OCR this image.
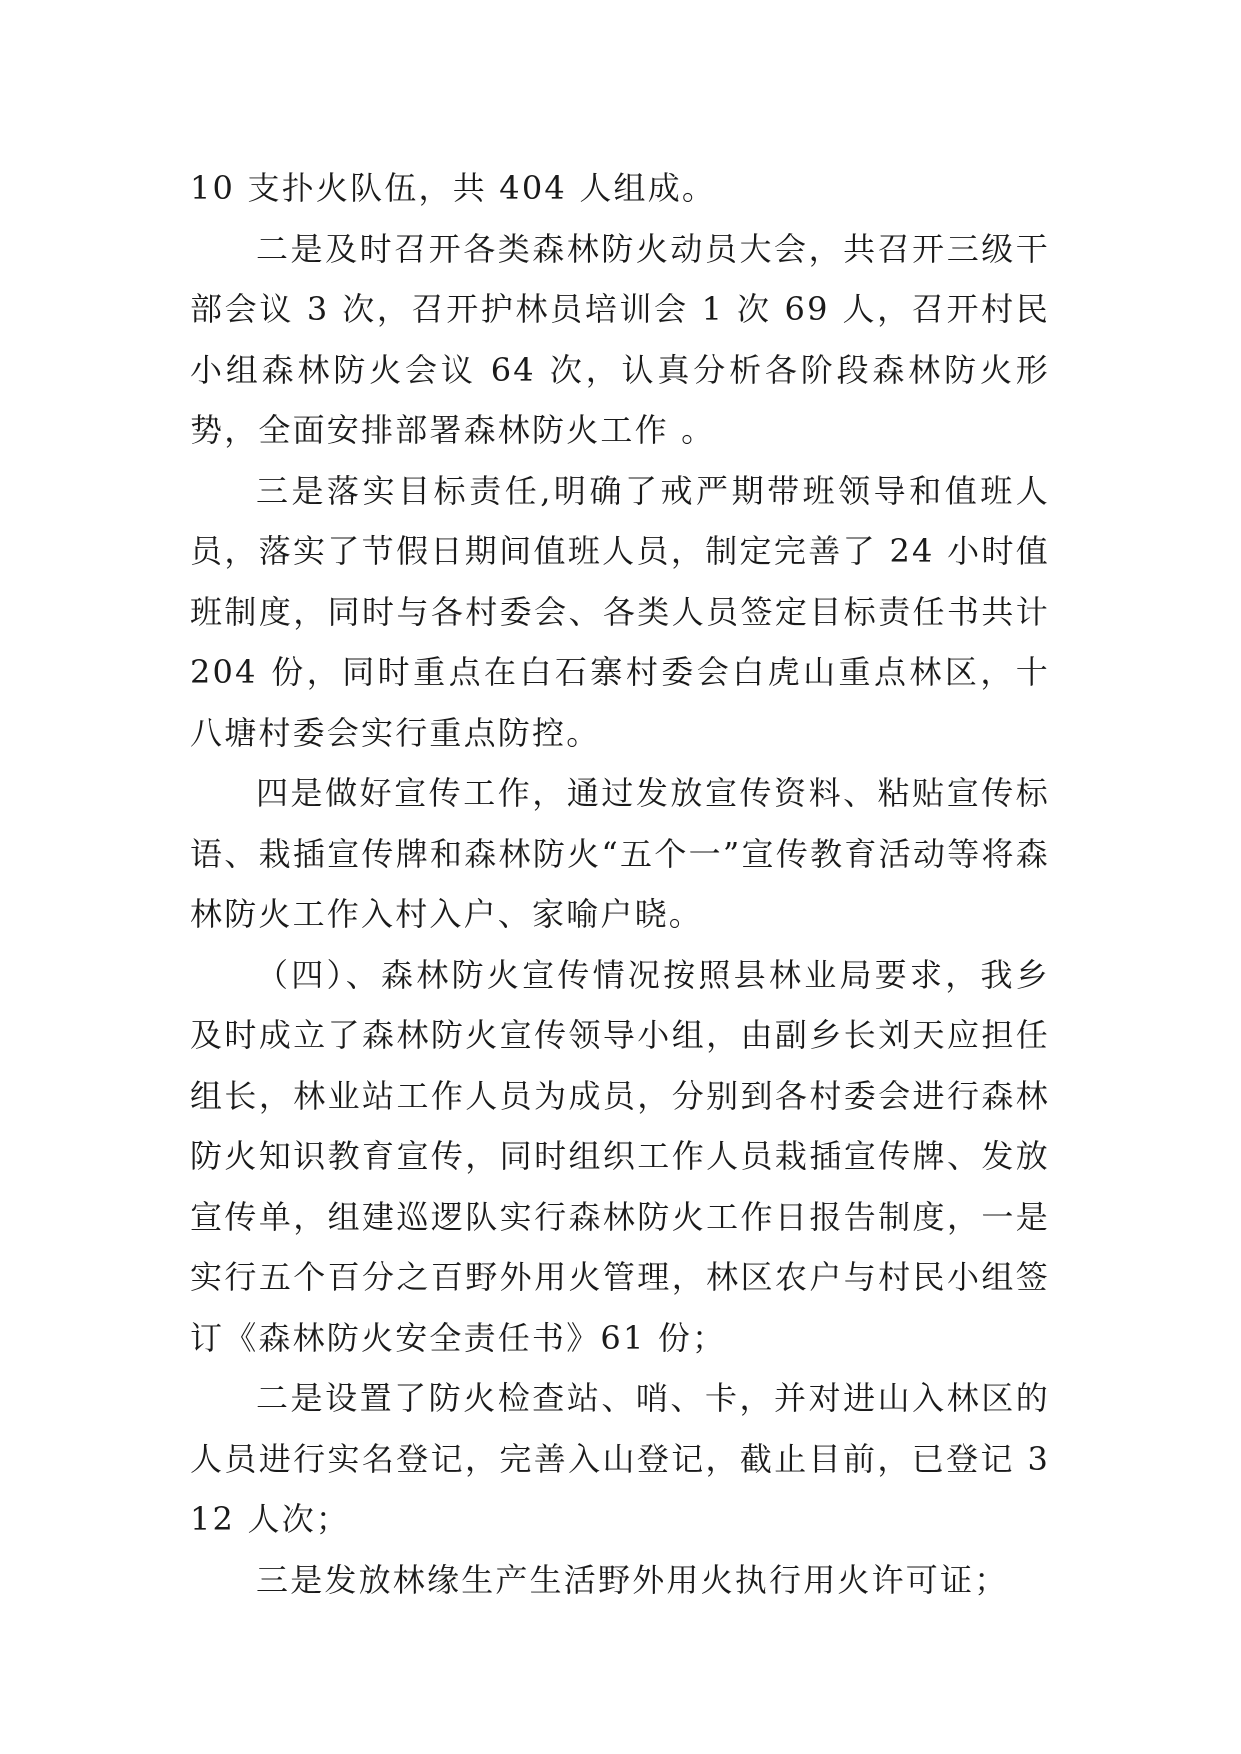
10 支扑火队伍，共 404 人组成。

二是及时召开各类森林防火动员大会，共召开三级干部会议 3 次，召开护林员培训会 1 次 69 人，召开村民小组森林防火会议 64 次，认真分析各阶段森林防火形势，全面安排部署森林防火工作 。

三是落实目标责任,明确了戒严期带班领导和值班人员，落实了节假日期间值班人员，制定完善了 24 小时值班制度，同时与各村委会、各类人员签定目标责任书共计 204 份，同时重点在白石寨村委会白虎山重点林区，十八塘村委会实行重点防控。

四是做好宣传工作，通过发放宣传资料、粘贴宣传标语、栽插宣传牌和森林防火“五个一”宣传教育活动等将森林防火工作入村入户、家喻户晓。

（四）、森林防火宣传情况按照县林业局要求，我乡及时成立了森林防火宣传领导小组，由副乡长刘天应担任组长，林业站工作人员为成员，分别到各村委会进行森林防火知识教育宣传，同时组织工作人员栽插宣传牌、发放宣传单，组建巡逻队实行森林防火工作日报告制度，一是实行五个百分之百野外用火管理，林区农户与村民小组签订《森林防火安全责任书》61 份；

二是设置了防火检查站、哨、卡，并对进山入林区的人员进行实名登记，完善入山登记，截止目前，已登记 312 人次；

三是发放林缘生产生活野外用火执行用火许可证；
